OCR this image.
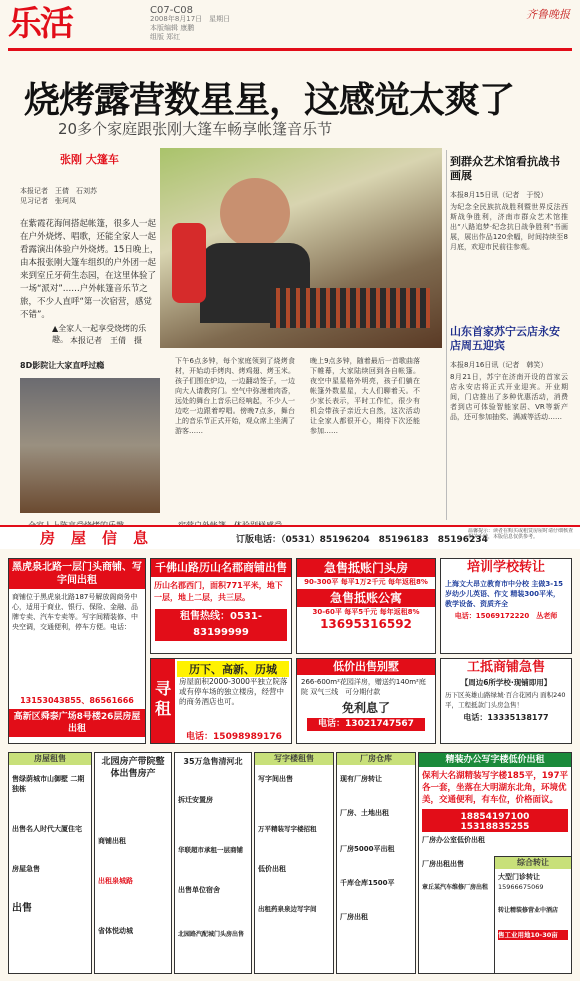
乐活	C07-C08
2008年8月17日　星期日
本版编辑 康鹏
组版 郑红
齐鲁晚报
烧烤露营数星星，这感觉太爽了
20多个家庭跟张刚大篷车畅享帐篷音乐节
张刚 大篷车
本报记者　王倩　石刘苏
见习记者　张珂凤
在紫霞花海间搭起帐篷，很多人一起在户外烧烤、唱歌，还能全家人一起看露演出体验户外烧烤。15日晚上，由本报张刚大篷车组织的户外团一起来到室丘牙荷生态园，在这里体验了一场“派对”……户外帐篷音乐节之旅，不少人直呼“第一次宿营，感觉不错”。
▲全家人一起享受烧烤的乐趣。 本报记者　王倩　摄
8D影院让大家直呼过瘾	下午6点多钟，每个家庭领到了烧烤食材，开始动手烤肉、烤鸡翅、烤玉米。孩子们围在炉边，一边翻动签子，一边向大人请教窍门。空气中弥漫着肉香，远处的舞台上音乐已经响起，不少人一边吃一边跟着哼唱。傍晚7点多，舞台上的音乐节正式开始，观众席上坐满了游客……
晚上9点多钟，随着最后一首歌曲落下帷幕，大家陆续回到各自帐篷。夜空中星星格外明亮，孩子们躺在帐篷外数星星，大人们聊着天。不少家长表示，平时工作忙，很少有机会带孩子亲近大自然，这次活动让全家人都很开心，期待下次还能参加……
到群众艺术馆看抗战书画展
本报8月15日讯（记者　于悦）
为纪念全民族抗战胜利暨世界反法西斯战争胜利，济南市群众艺术馆推出“八路追梦·纪念抗日战争胜利”书画展，展出作品120余幅，时间持续至8月底，欢迎市民前往参观。
山东首家苏宁云店永安店周五迎宾
本报8月16日讯（记者　韩笑）
8月21日，苏宁在济南开设的首家云店永安店将正式开业迎宾。开业期间，门店推出了多种优惠活动，消费者到店可体验智能家居、VR等新产品，还可参加抽奖、满减等活动……
房屋信息	订版电话：（0531）85196204　85196183　85196234
温馨提示：读者在购买或租赁房屋时请仔细核查相关手续，本版信息仅供参考。
黑虎泉北路一层门头商铺、写字间出租
商铺位于黑虎泉北路187号解放阁商务中心，适用于商业、银行、保险、金融、品牌专卖、汽车专卖等。写字间精装修、中央空调，交通便利，停车方便。电话：
13153043855、86561666
高新区舜泰广场8号楼26层房屋出租
千佛山路历山名郡商铺出售
历山名郡西门，面积771平米，地下一层，地上二层，共三层。
租售热线：0531-83199999
寻租
历下、高新、历城
房屋面积2000-3000平独立院落或有停车场的独立楼房，经营中的商务酒店也可。
电话：15098989176
急售抵账门头房
90-300平 每平1万2千元 每年返租8%
急售抵账公寓
30-60平 每平5千元 每年返租8%
13695316592
低价出售别墅
266-600m²花园洋房，赠送约140m²庭院 双气三线　可分期付款
免利息了
电话：13021747567
培训学校转让
上海文大昂立教育市中分校 主做3-15岁幼少儿英语、作文 精装300平米，教学设备、资质齐全
电话：15069172220　丛老师
工抵商铺急售
【周边6所学校·现铺即用】
历下区英雄山路绿城·百合花园内 面积240平，工程抵款门头房急售！
电话：13335138177
房屋租售
售绿荫城市山御墅 二期独栋
出售名人时代大厦住宅
房屋急售
出售
北园房产带院整体出售房产
商铺出租
出租泉城路
省体悦动城
35万急售清河北
拆迁安置房
华联超市承租一层商铺
出售单位宿舍
北园路汽配城门头房出售
写字楼租售
写字间出售
万平精装写字楼招租
低价出租
出租药泉泉边写字间
厂房仓库
现有厂房转让
厂房、土地出租
厂房5000平出租
千库仓库1500平
厂房出租
精装办公写字楼低价出租
保利大名湖精装写字楼185平，197平各一套，坐落在大明湖东北角，环境优美，交通便利，有车位，价格面议。
18854197100　15318835255
厂房办公室低价出租
厂房出租出售
章丘某汽车维修厂房出租
综合转让
大型门诊转让
15966675069
转让精装修营业中酒店
售工业用地10-30亩
